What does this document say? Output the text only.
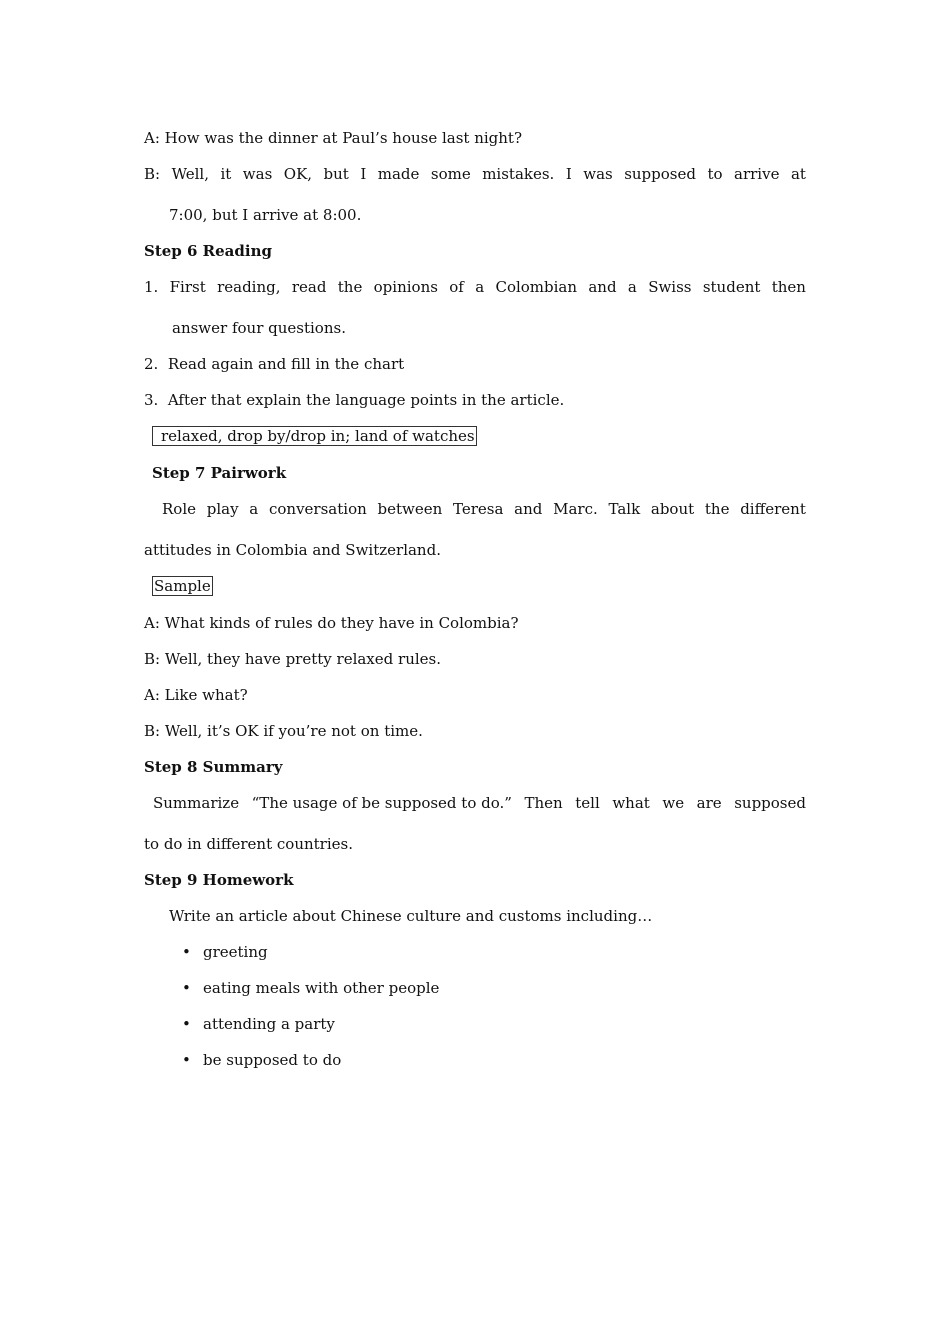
A: How was the dinner at Paul’s house last night?
B: Well, it was OK, but I made some mistakes. I was supposed to arrive at
7:00, but I arrive at 8:00.
Step 6 Reading
1. First reading, read the opinions of a Colombian and a Swiss student then
answer four questions.
2.  Read again and fill in the chart
3.  After that explain the language points in the article.
relaxed, drop by/drop in; land of watches
Step 7 Pairwork
Role play a conversation between Teresa and Marc. Talk about the different
attitudes in Colombia and Switzerland.
Sample
A: What kinds of rules do they have in Colombia?
B: Well, they have pretty relaxed rules.
A: Like what?
B: Well, it’s OK if you’re not on time.
Step 8 Summary
Summarize “The usage of be supposed to do.” Then tell what we are supposed
to do in different countries.
Step 9 Homework
Write an article about Chinese culture and customs including…
• greeting
• eating meals with other people
• attending a party
• be supposed to do
